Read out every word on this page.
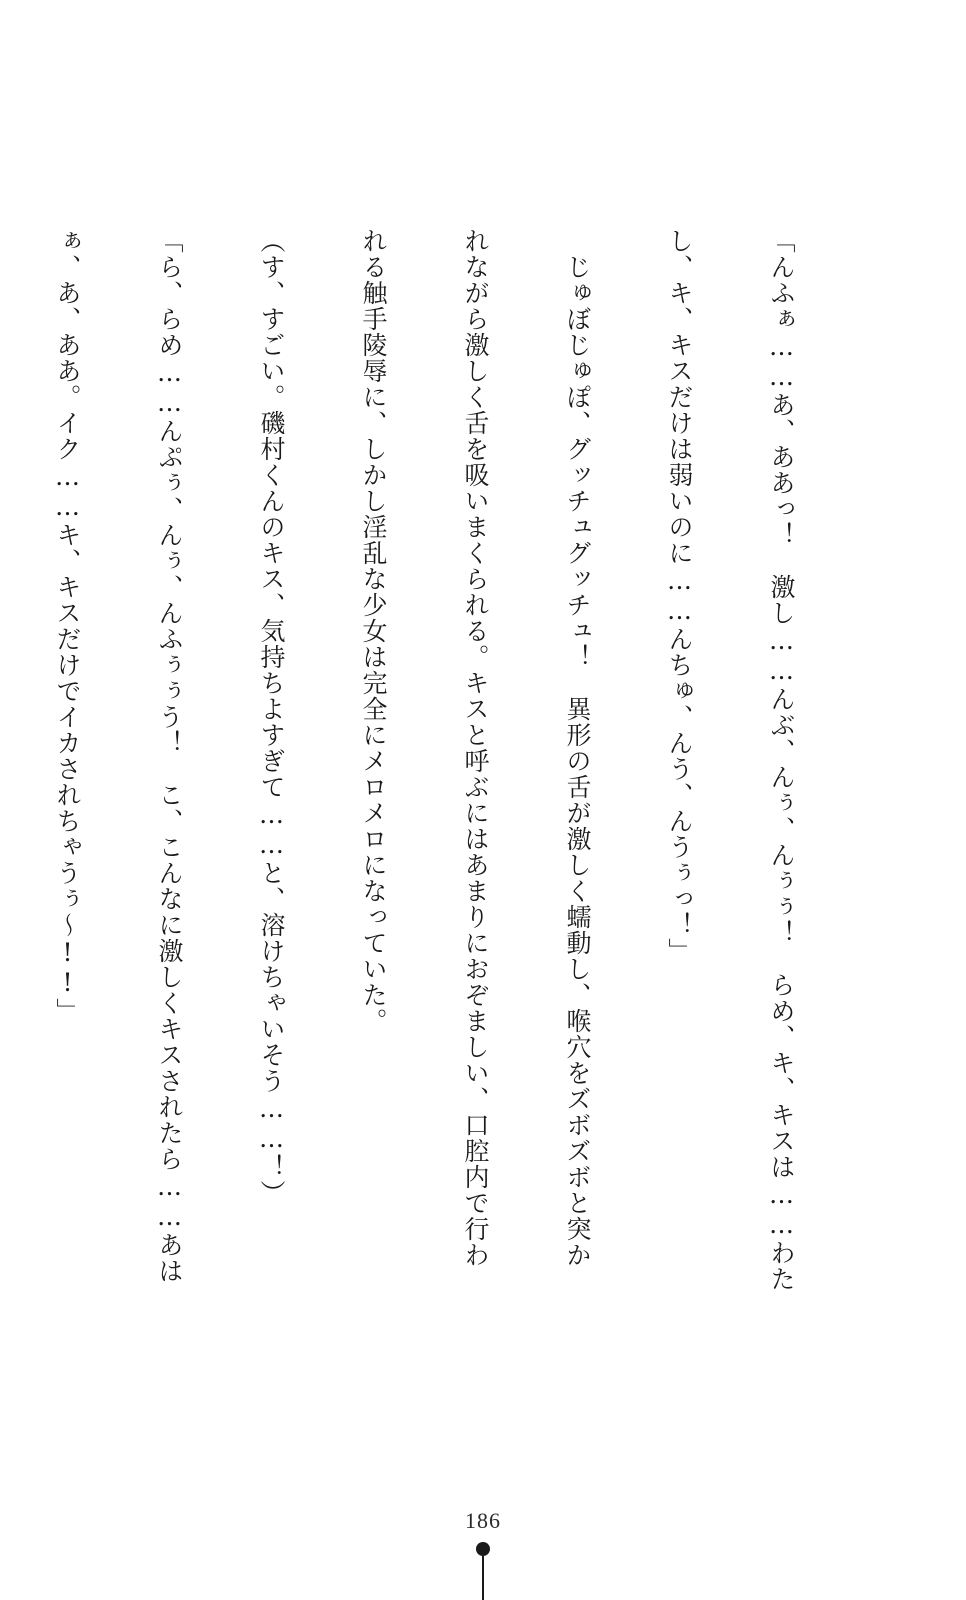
「んふぁ……あ、ああっ！　激し……んぶ、んぅ、んぅぅ！　らめ、キ、キスは……わた

し、キ、キスだけは弱いのに……んちゅ、んう、んうぅっ！」

　じゅぼじゅぽ、グッチュグッチュ！　異形の舌が激しく蠕動し、喉穴をズボズボと突か

れながら激しく舌を吸いまくられる。キスと呼ぶにはあまりにおぞましい、口腔内で行わ

れる触手陵辱に、しかし淫乱な少女は完全にメロメロになっていた。

（す、すごい。磯村くんのキス、気持ちよすぎて……と、溶けちゃいそう……！）

「ら、らめ……んぷぅ、んぅ、んふぅぅう！　こ、こんなに激しくキスされたら……あは

ぁ、あ、ああ。イク……キ、キスだけでイカされちゃうぅ〜!!」

186
